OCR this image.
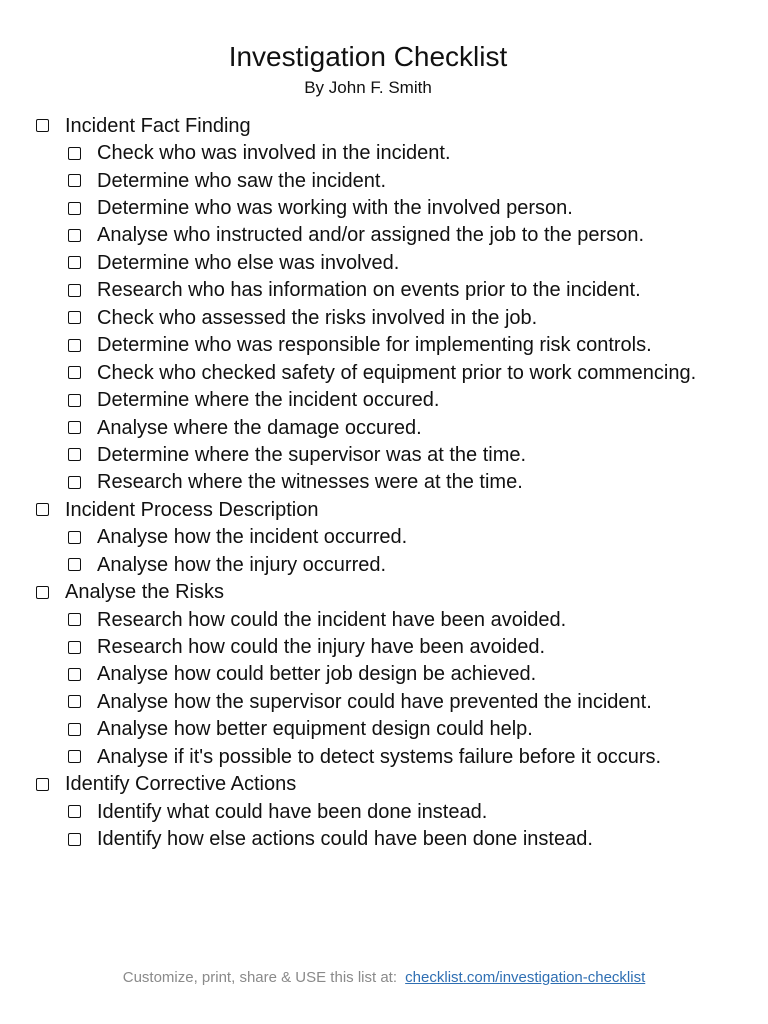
Investigation Checklist
By John F. Smith
Incident Fact Finding
Check who was involved in the incident.
Determine who saw the incident.
Determine who was working with the involved person.
Analyse who instructed and/or assigned the job to the person.
Determine who else was involved.
Research who has information on events prior to the incident.
Check who assessed the risks involved in the job.
Determine who was responsible for implementing risk controls.
Check who checked safety of equipment prior to work commencing.
Determine where the incident occured.
Analyse where the damage occured.
Determine where the supervisor was at the time.
Research where the witnesses were at the time.
Incident Process Description
Analyse how the incident occurred.
Analyse how the injury occurred.
Analyse the Risks
Research how could the incident have been avoided.
Research how could the injury have been avoided.
Analyse how could better job design be achieved.
Analyse how the supervisor could have prevented the incident.
Analyse how better equipment design could help.
Analyse if it's possible to detect systems failure before it occurs.
Identify Corrective Actions
Identify what could have been done instead.
Identify how else actions could have been done instead.
Customize, print, share & USE this list at: checklist.com/investigation-checklist
